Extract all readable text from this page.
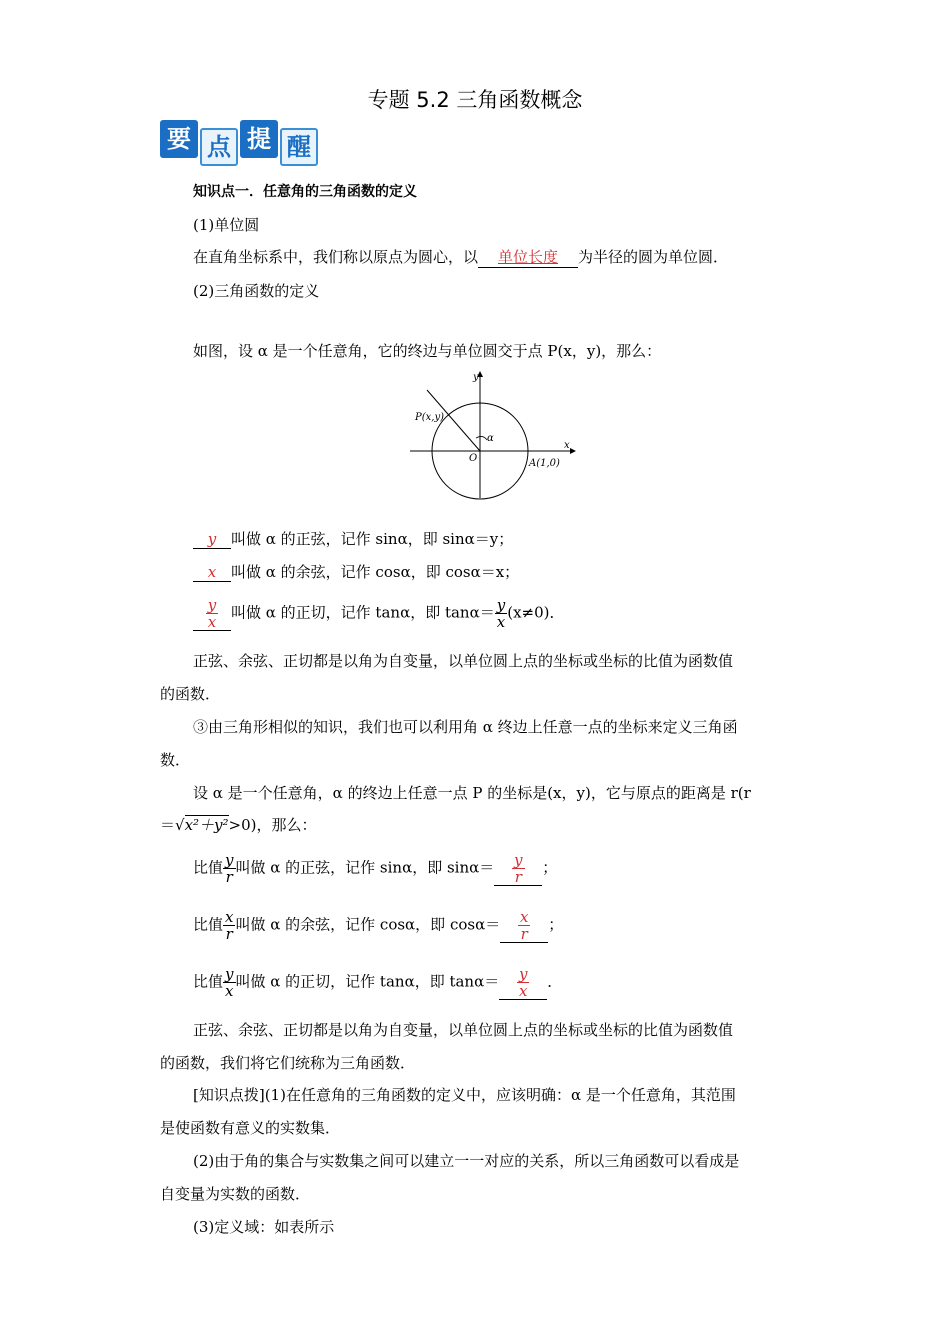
专题 5.2 三角函数概念
要 点 提 醒
知识点一．任意角的三角函数的定义
(1)单位圆
在直角坐标系中，我们称以原点为圆心，以 单位长度 为半径的圆为单位圆．
(2)三角函数的定义
如图，设 α 是一个任意角，它的终边与单位圆交于点 P(x，y)，那么：
y
x
P(x,y)
α
O	A(1,0)
y 叫做 α 的正弦，记作 sinα，即 sinα＝y；
x 叫做 α 的余弦，记作 cosα，即 cosα＝x；
$\frac{y}{x}$ 叫做 α 的正切，记作 tanα，即 $\tan\alpha= \frac{y}{x} (x\ne 0)$．
正弦、余弦、正切都是以角为自变量，以单位圆上点的坐标或坐标的比值为函数值
的函数．
③由三角形相似的知识，我们也可以利用角 α 终边上任意一点的坐标来定义三角函
数．
设 α 是一个任意角，α 的终边上任意一点 P 的坐标是(x，y)，它与原点的距离是 r(r
＝√x²＋y²>0)，那么：
比值 $\frac{y}{r}$ 叫做 α 的正弦，记作 sinα，即 $\sin\alpha= \frac{y}{r}$ ；
比值 $\frac{x}{r}$ 叫做 α 的余弦，记作 cosα，即 $\cos\alpha= \frac{x}{r}$ ；
比值 $\frac{y}{x}$ 叫做 α 的正切，记作 tanα，即 $\tan\alpha= \frac{y}{x}$ ．
正弦、余弦、正切都是以角为自变量，以单位圆上点的坐标或坐标的比值为函数值
的函数，我们将它们统称为三角函数．
[知识点拨](1)在任意角的三角函数的定义中，应该明确：α 是一个任意角，其范围
是使函数有意义的实数集．
(2)由于角的集合与实数集之间可以建立一一对应的关系，所以三角函数可以看成是
自变量为实数的函数．
(3)定义域：如表所示
